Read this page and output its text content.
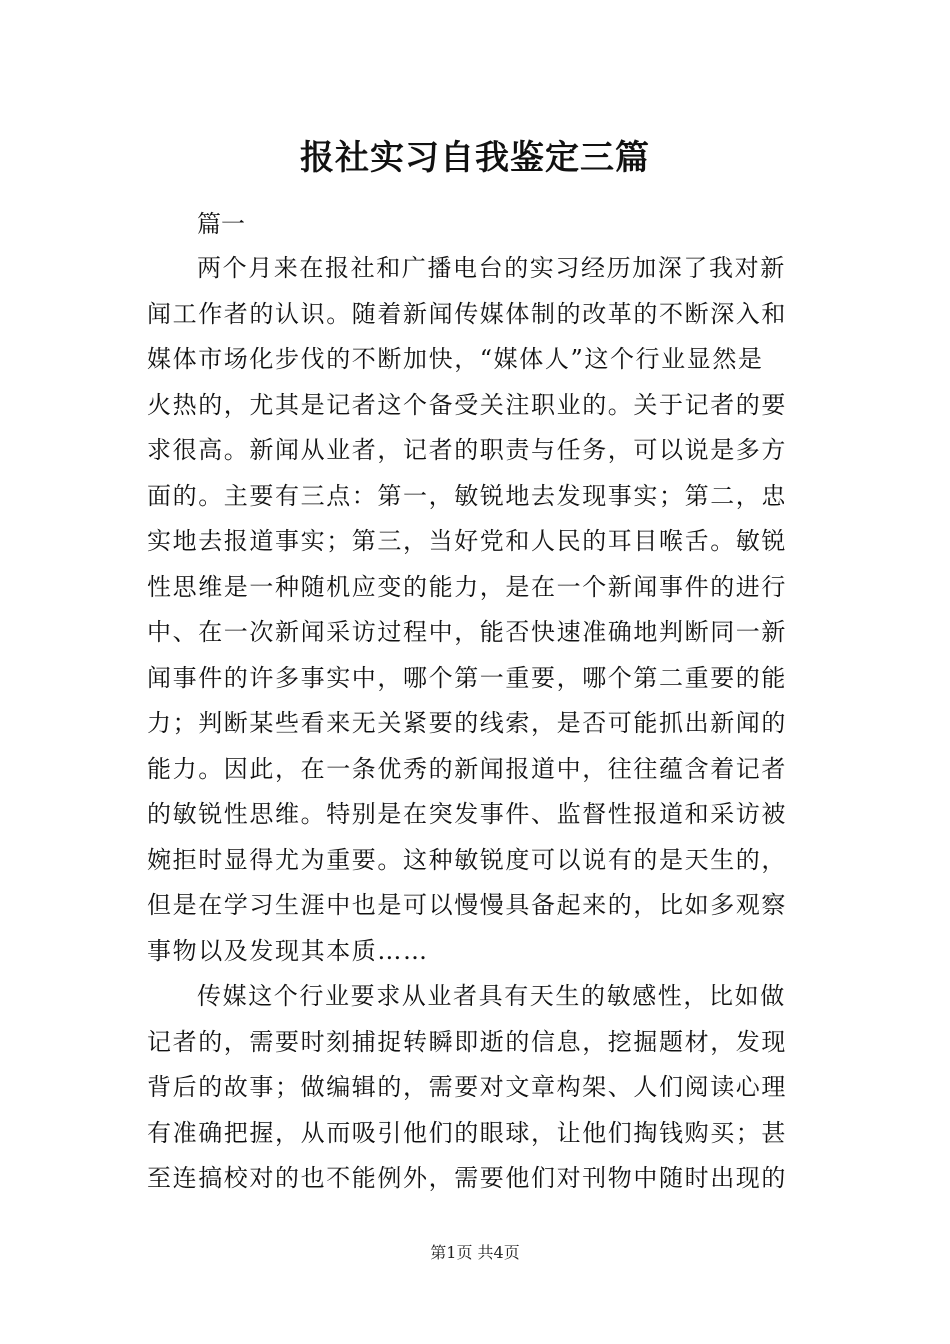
报社实习自我鉴定三篇
篇一
两个月来在报社和广播电台的实习经历加深了我对新
闻工作者的认识。随着新闻传媒体制的改革的不断深入和
媒体市场化步伐的不断加快，“媒体人”这个行业显然是
火热的，尤其是记者这个备受关注职业的。关于记者的要
求很高。新闻从业者，记者的职责与任务，可以说是多方
面的。主要有三点：第一，敏锐地去发现事实；第二，忠
实地去报道事实；第三，当好党和人民的耳目喉舌。敏锐
性思维是一种随机应变的能力，是在一个新闻事件的进行
中、在一次新闻采访过程中，能否快速准确地判断同一新
闻事件的许多事实中，哪个第一重要，哪个第二重要的能
力；判断某些看来无关紧要的线索，是否可能抓出新闻的
能力。因此，在一条优秀的新闻报道中，往往蕴含着记者
的敏锐性思维。特别是在突发事件、监督性报道和采访被
婉拒时显得尤为重要。这种敏锐度可以说有的是天生的，
但是在学习生涯中也是可以慢慢具备起来的，比如多观察
事物以及发现其本质……
传媒这个行业要求从业者具有天生的敏感性，比如做
记者的，需要时刻捕捉转瞬即逝的信息，挖掘题材，发现
背后的故事；做编辑的，需要对文章构架、人们阅读心理
有准确把握，从而吸引他们的眼球，让他们掏钱购买；甚
至连搞校对的也不能例外，需要他们对刊物中随时出现的
第1页 共4页
